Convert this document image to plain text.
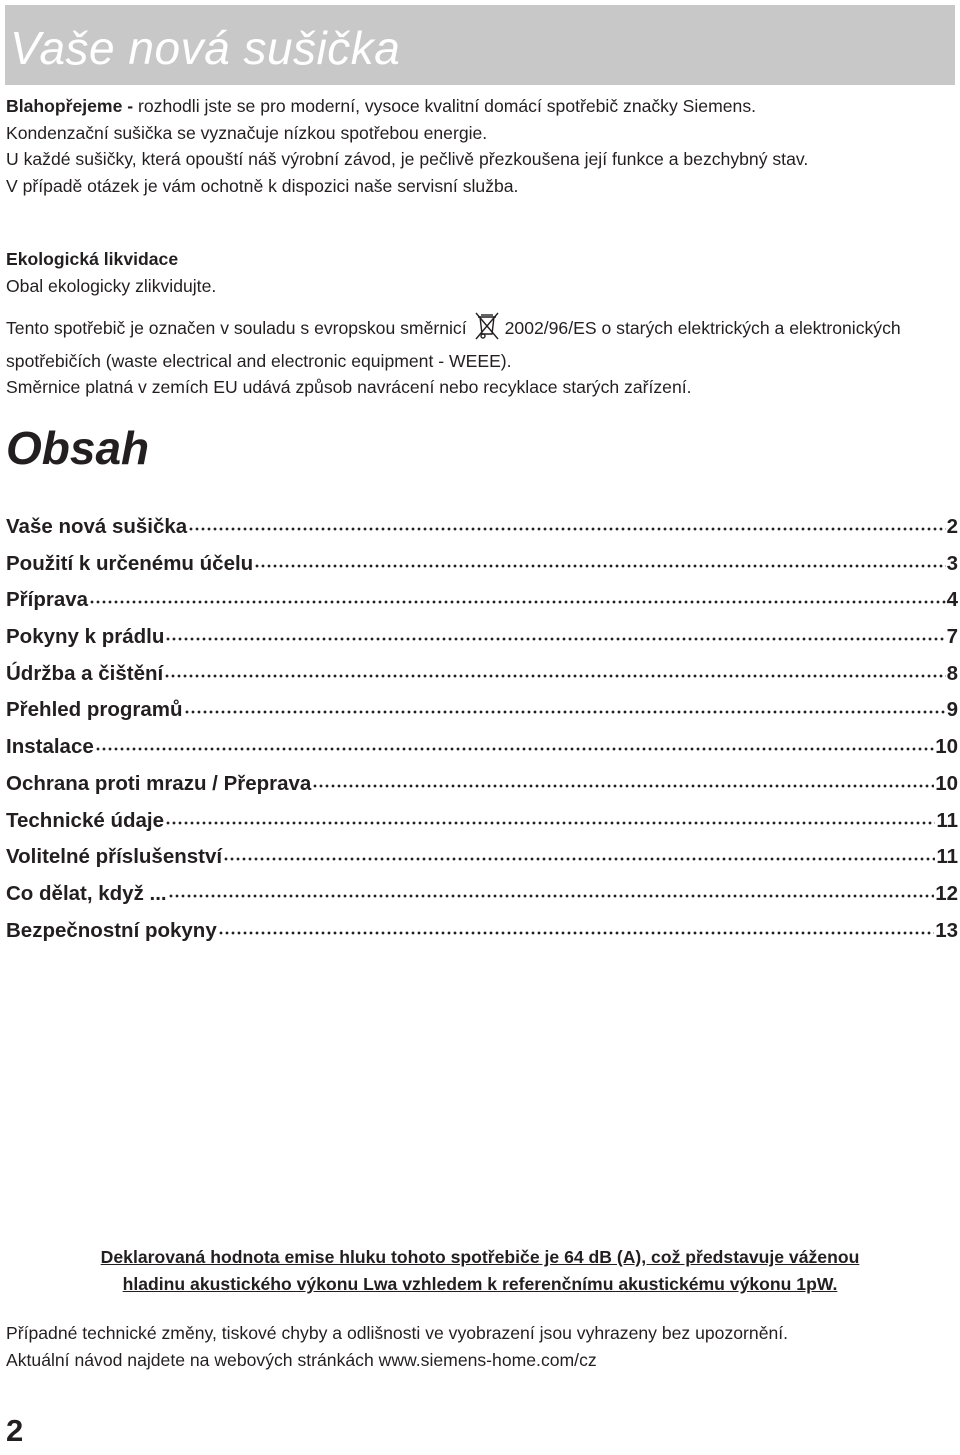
Vaše nová sušička

Blahopřejeme - rozhodli jste se pro moderní, vysoce kvalitní domácí spotřebič značky Siemens.

Kondenzační sušička se vyznačuje nízkou spotřebou energie.

U každé sušičky, která opouští náš výrobní závod, je pečlivě přezkoušena její funkce a bezchybný stav.

V případě otázek je vám ochotně k dispozici naše servisní služba.

Ekologická likvidace

Obal ekologicky zlikvidujte.

Tento spotřebič je označen v souladu s evropskou směrnicí 2002/96/ES o starých elektrických a elektronických spotřebičích (waste electrical and electronic equipment - WEEE).

Směrnice platná v zemích EU udává způsob navrácení nebo recyklace starých zařízení.

Obsah
Vaše nová sušička	2
Použití k určenému účelu	3
Příprava	4
Pokyny k prádlu	7
Údržba a čištění	8
Přehled programů	9
Instalace	10
Ochrana proti mrazu / Přeprava	10
Technické údaje	11
Volitelné příslušenství	11
Co dělat, když ...	12
Bezpečnostní pokyny	13

Deklarovaná hodnota emise hluku tohoto spotřebiče je 64 dB (A), což představuje váženou

hladinu akustického výkonu Lwa vzhledem k referenčnímu akustickému výkonu 1pW.

Případné technické změny, tiskové chyby a odlišnosti ve vyobrazení jsou vyhrazeny bez upozornění.

Aktuální návod najdete na webových stránkách www.siemens-home.com/cz

2
